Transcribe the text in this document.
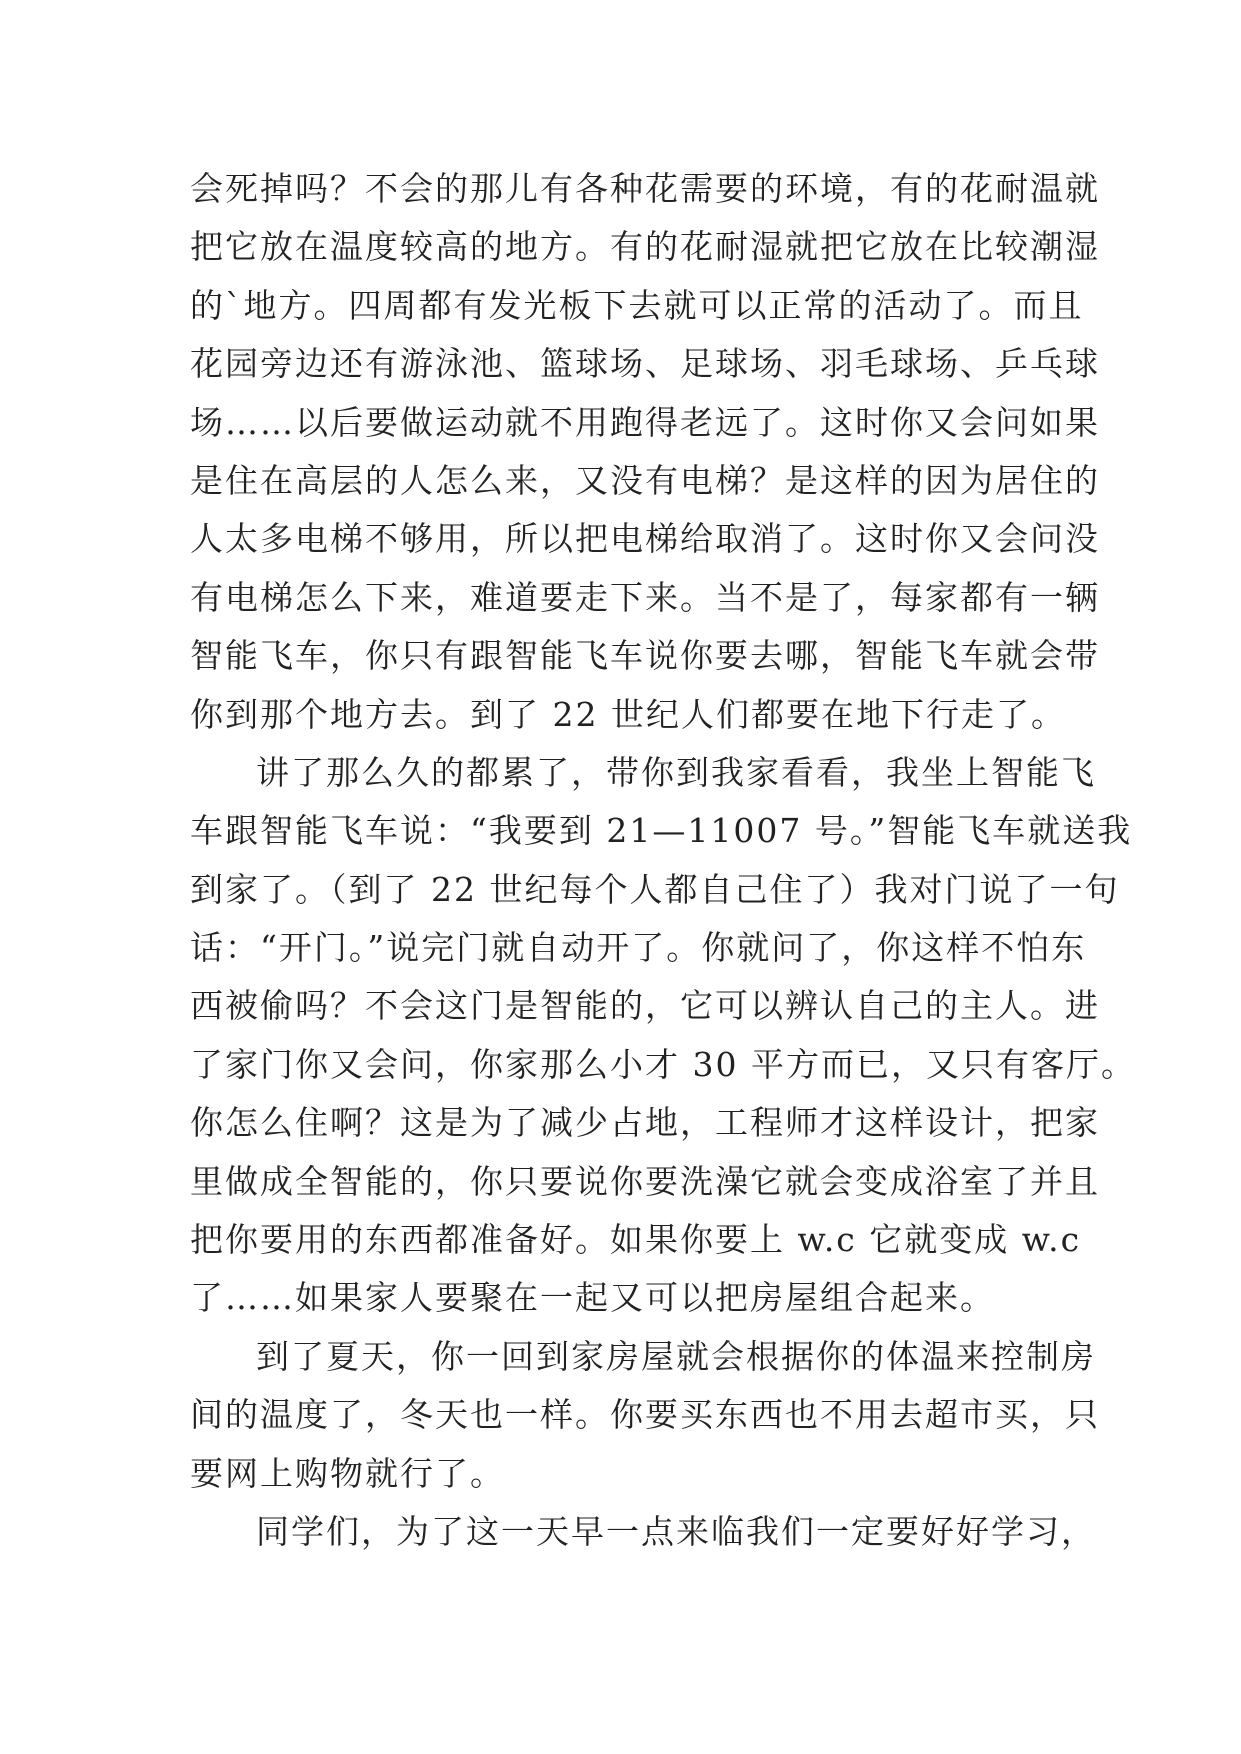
会死掉吗？不会的那儿有各种花需要的环境，有的花耐温就
把它放在温度较高的地方。有的花耐湿就把它放在比较潮湿
的`地方。四周都有发光板下去就可以正常的活动了。而且
花园旁边还有游泳池、篮球场、足球场、羽毛球场、乒乓球
场……以后要做运动就不用跑得老远了。这时你又会问如果
是住在高层的人怎么来，又没有电梯？是这样的因为居住的
人太多电梯不够用，所以把电梯给取消了。这时你又会问没
有电梯怎么下来，难道要走下来。当不是了，每家都有一辆
智能飞车，你只有跟智能飞车说你要去哪，智能飞车就会带
你到那个地方去。到了 22 世纪人们都要在地下行走了。
讲了那么久的都累了，带你到我家看看，我坐上智能飞
车跟智能飞车说：“我要到 21—11007 号。”智能飞车就送我
到家了。（到了 22 世纪每个人都自己住了）我对门说了一句
话：“开门。”说完门就自动开了。你就问了，你这样不怕东
西被偷吗？不会这门是智能的，它可以辨认自己的主人。进
了家门你又会问，你家那么小才 30 平方而已，又只有客厅。
你怎么住啊？这是为了减少占地，工程师才这样设计，把家
里做成全智能的，你只要说你要洗澡它就会变成浴室了并且
把你要用的东西都准备好。如果你要上 w.c 它就变成 w.c
了……如果家人要聚在一起又可以把房屋组合起来。
到了夏天，你一回到家房屋就会根据你的体温来控制房
间的温度了，冬天也一样。你要买东西也不用去超市买，只
要网上购物就行了。
同学们，为了这一天早一点来临我们一定要好好学习，
